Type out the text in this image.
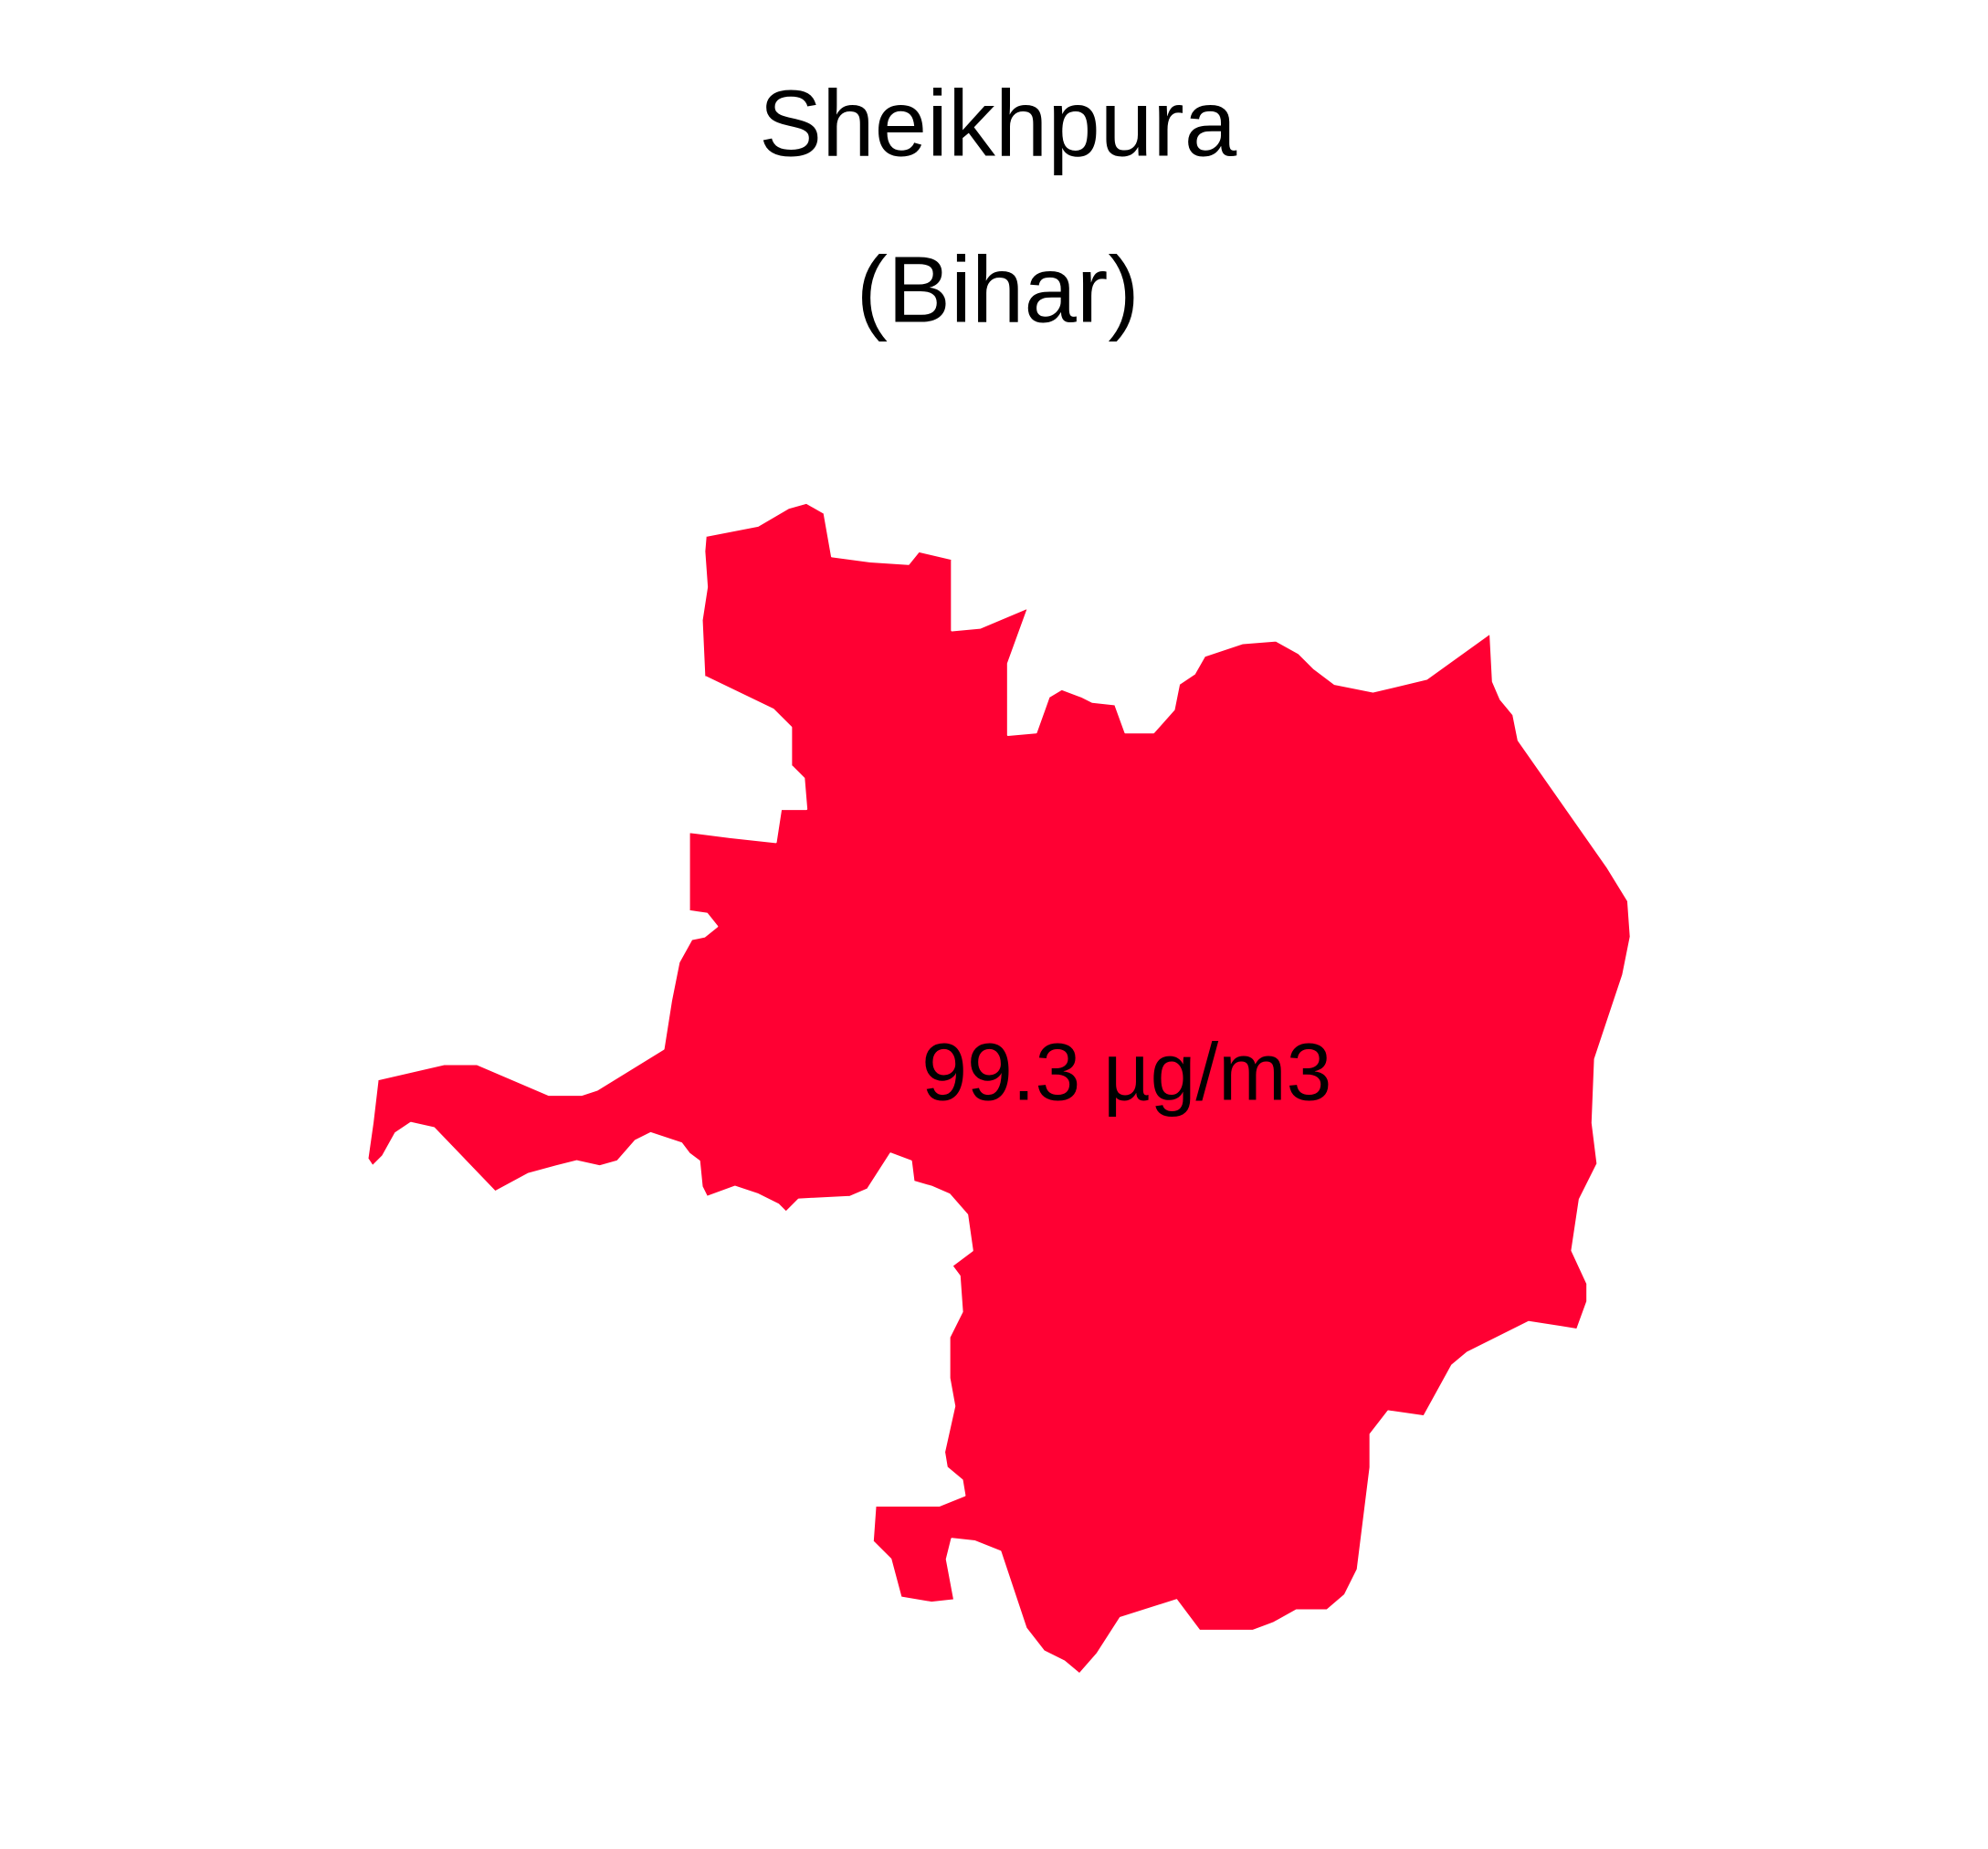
Sheikhpura
(Bihar)
99.3 µg/m3
